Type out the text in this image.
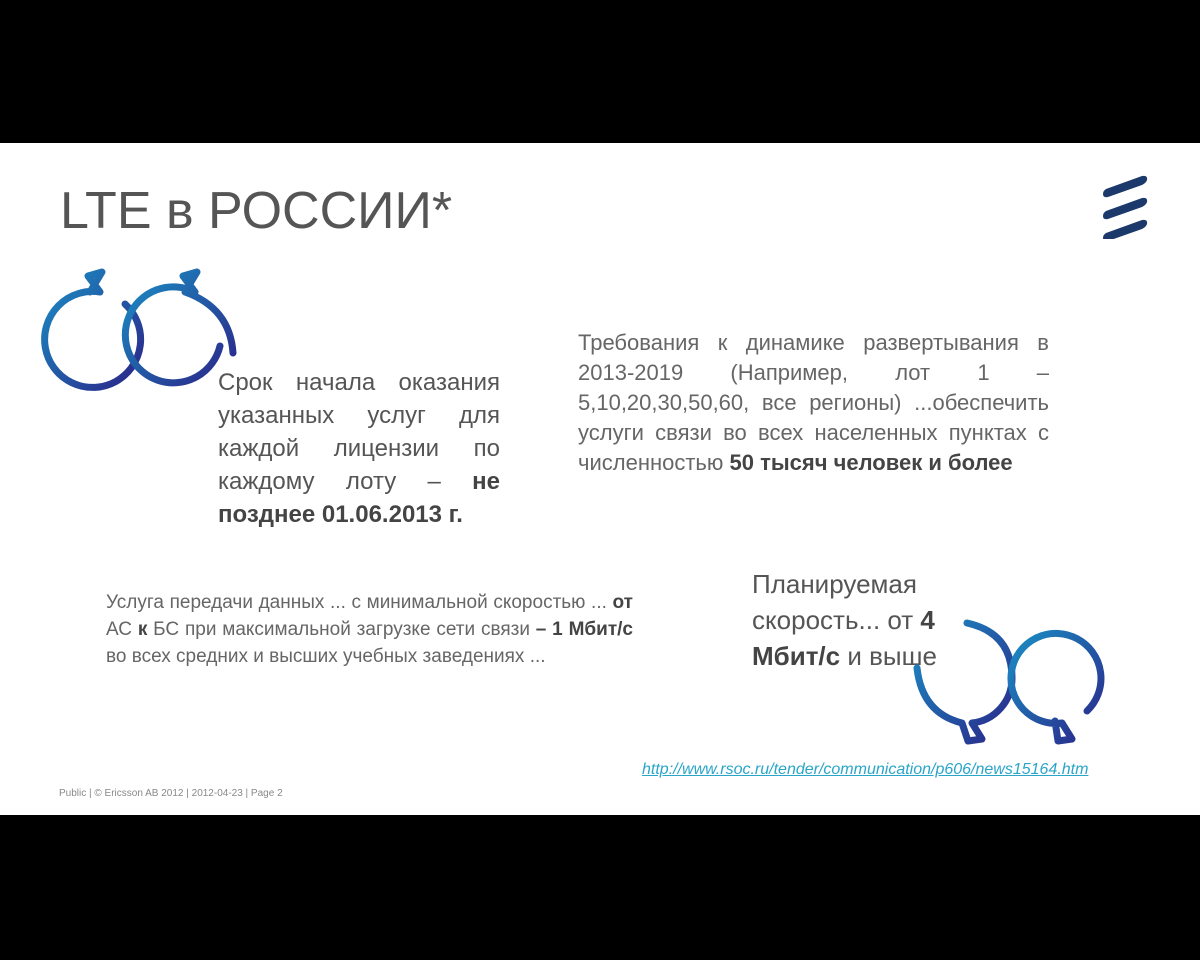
LTE в РОССИИ*
Срок начала оказания указанных услуг для каждой лицензии по каждому лоту – не позднее 01.06.2013 г.
Требования к динамике развертывания в 2013-2019 (Например, лот 1 – 5,10,20,30,50,60, все регионы) ...обеспечить услуги связи во всех населенных пунктах с численностью 50 тысяч человек и более
Услуга передачи данных ... с минимальной скоростью ... от АС к БС при максимальной загрузке сети связи – 1 Мбит/с во всех средних и высших учебных заведениях ...
Планируемая скорость... от 4 Мбит/с и выше
http://www.rsoc.ru/tender/communication/p606/news15164.htm
Public | © Ericsson AB 2012 | 2012-04-23 | Page 2
